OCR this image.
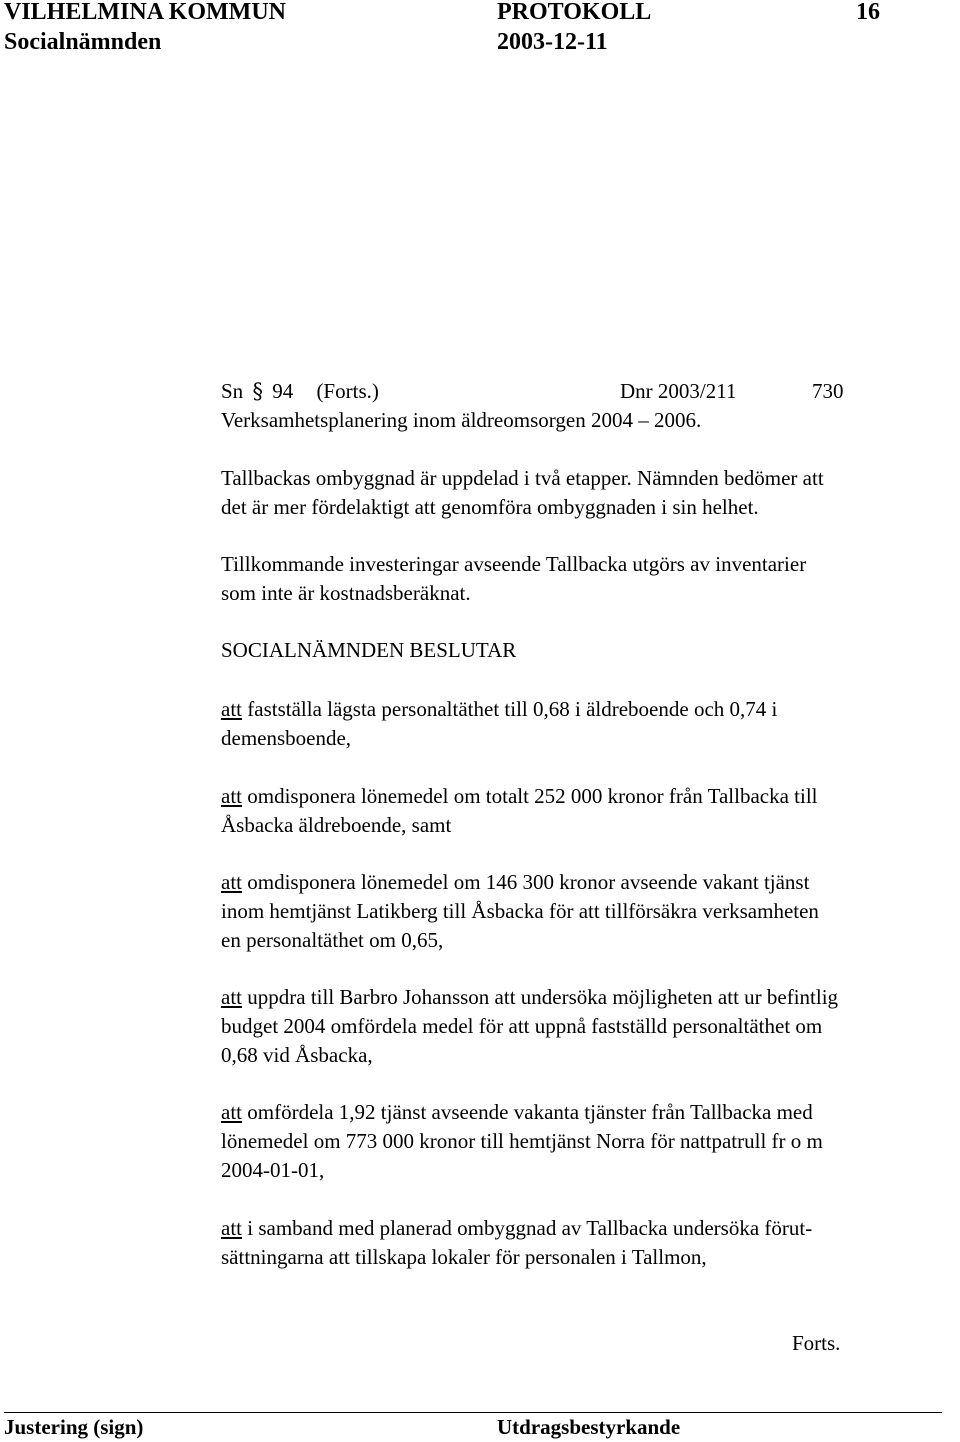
VILHELMINA KOMMUN	PROTOKOLL	16
Socialnämnden	2003-12-11
Sn § 94 (Forts.)	Dnr 2003/211	730
Verksamhetsplanering inom äldreomsorgen 2004 – 2006.
Tallbackas ombyggnad är uppdelad i två etapper. Nämnden bedömer att
det är mer fördelaktigt att genomföra ombyggnaden i sin helhet.
Tillkommande investeringar avseende Tallbacka utgörs av inventarier
som inte är kostnadsberäknat.
SOCIALNÄMNDEN BESLUTAR
att fastställa lägsta personaltäthet till 0,68 i äldreboende och 0,74 i
demensboende,
att omdisponera lönemedel om totalt 252 000 kronor från Tallbacka till
Åsbacka äldreboende, samt
att omdisponera lönemedel om 146 300 kronor avseende vakant tjänst
inom hemtjänst Latikberg till Åsbacka för att tillförsäkra verksamheten
en personaltäthet om 0,65,
att uppdra till Barbro Johansson att undersöka möjligheten att ur befintlig
budget 2004 omfördela medel för att uppnå fastställd personaltäthet om
0,68 vid Åsbacka,
att omfördela 1,92 tjänst avseende vakanta tjänster från Tallbacka med
lönemedel om 773 000 kronor till hemtjänst Norra för nattpatrull fr o m
2004-01-01,
att i samband med planerad ombyggnad av Tallbacka undersöka förut-
sättningarna att tillskapa lokaler för personalen i Tallmon,
Forts.
Justering (sign)	Utdragsbestyrkande
